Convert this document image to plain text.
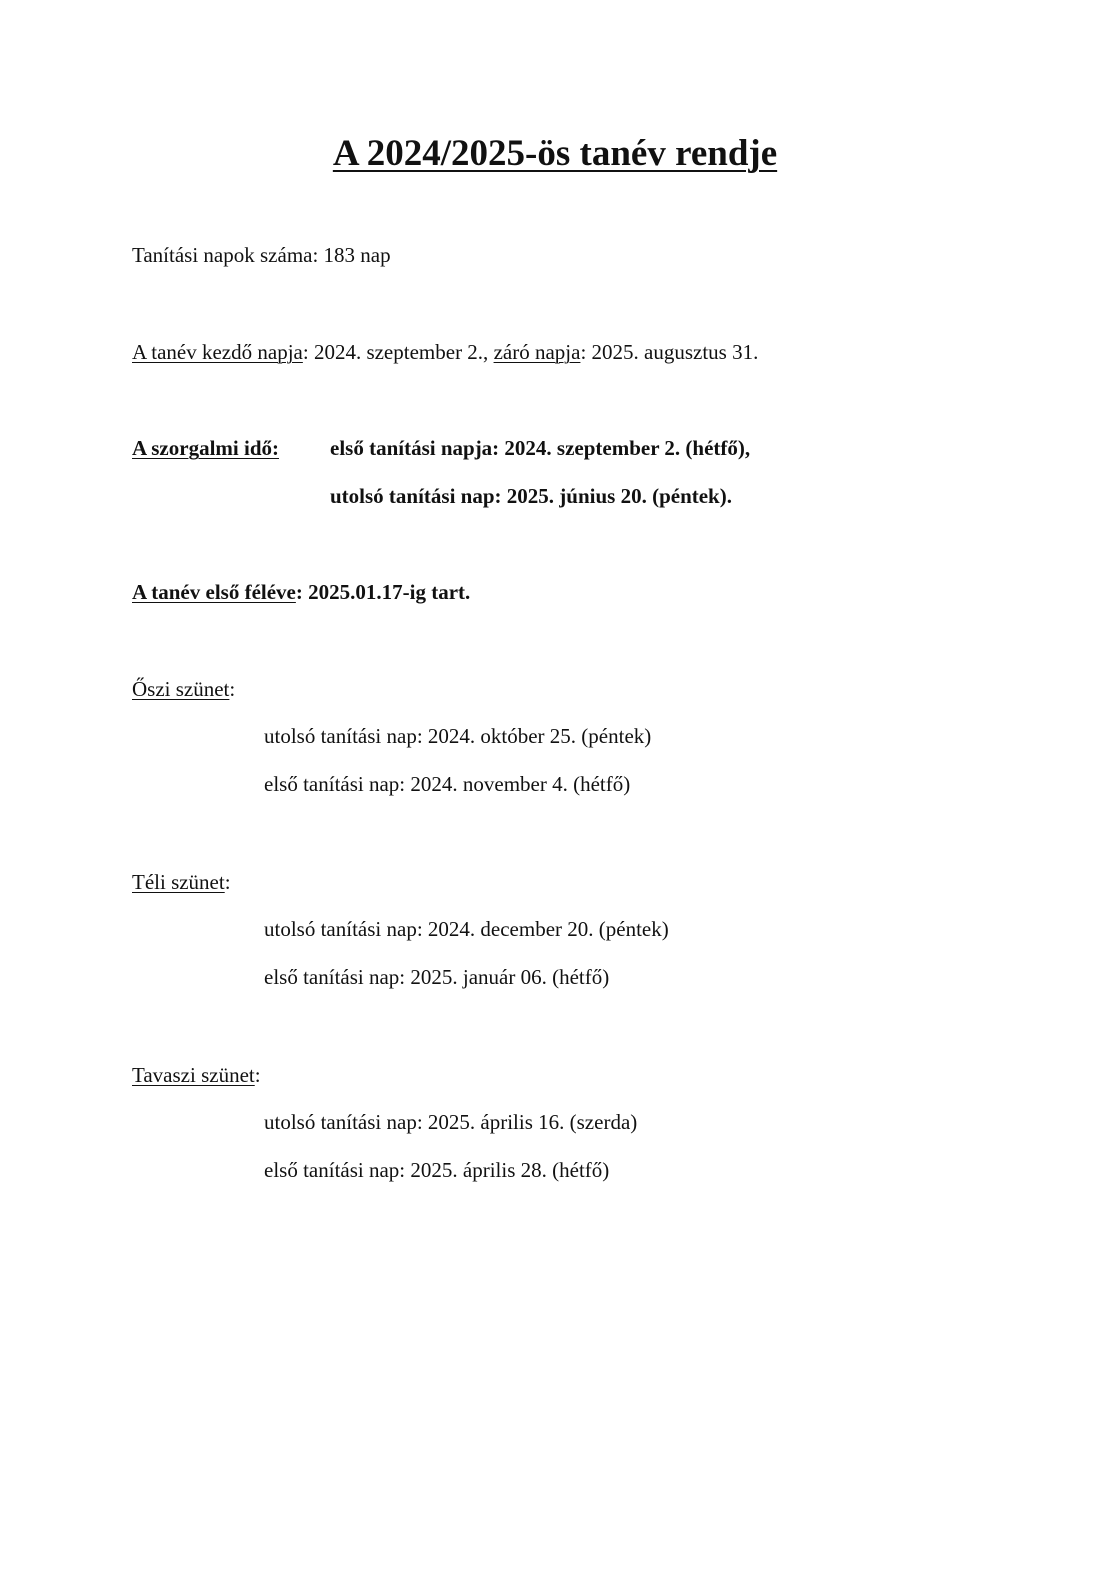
A 2024/2025-ös tanév rendje
Tanítási napok száma: 183 nap
A tanév kezdő napja: 2024. szeptember 2., záró napja: 2025. augusztus 31.
A szorgalmi idő: első tanítási napja: 2024. szeptember 2. (hétfő),
utolsó tanítási nap: 2025. június 20. (péntek).
A tanév első féléve: 2025.01.17-ig tart.
Őszi szünet:
utolsó tanítási nap: 2024. október 25. (péntek)
első tanítási nap: 2024. november 4. (hétfő)
Téli szünet:
utolsó tanítási nap: 2024. december 20. (péntek)
első tanítási nap: 2025. január 06. (hétfő)
Tavaszi szünet:
utolsó tanítási nap: 2025. április 16. (szerda)
első tanítási nap: 2025. április 28. (hétfő)
